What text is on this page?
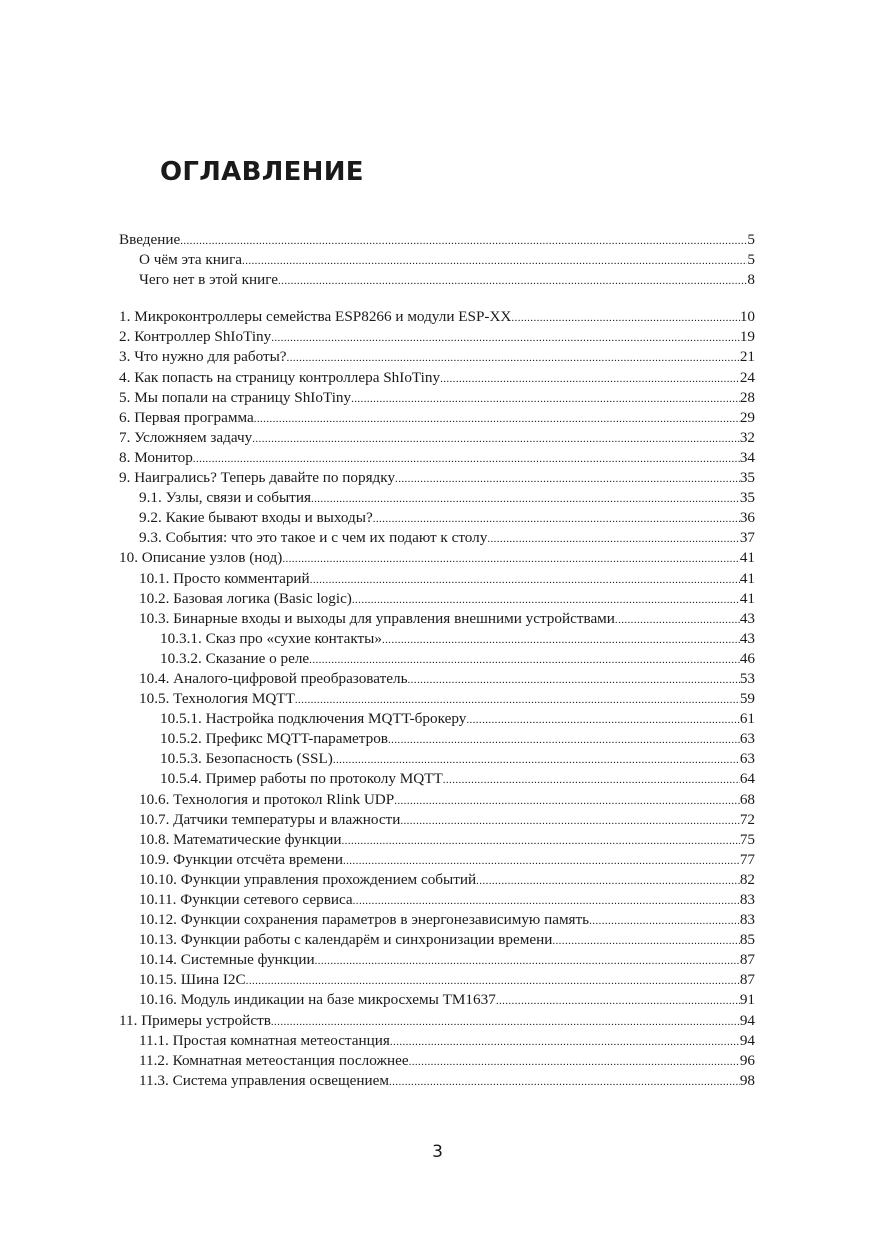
ОГЛАВЛЕНИЕ
Введение .....	5
О чём эта книга .....	5
Чего нет в этой книге .....	8
1. Микроконтроллеры семейства ESP8266 и модули ESP-XX .....	10
2. Контроллер ShIoTiny .....	19
3. Что нужно для работы? .....	21
4. Как попасть на страницу контроллера ShIoTiny .....	24
5. Мы попали на страницу ShIoTiny .....	28
6. Первая программа .....	29
7. Усложняем задачу .....	32
8. Монитор .....	34
9. Наигрались? Теперь давайте по порядку .....	35
9.1. Узлы, связи и события .....	35
9.2. Какие бывают входы и выходы? .....	36
9.3. События: что это такое и с чем их подают к столу .....	37
10. Описание узлов (нод) .....	41
10.1. Просто комментарий .....	41
10.2. Базовая логика (Basic logic) .....	41
10.3. Бинарные входы и выходы для управления внешними устройствами .....	43
10.3.1. Сказ про «сухие контакты» .....	43
10.3.2. Сказание о реле .....	46
10.4. Аналого-цифровой преобразователь .....	53
10.5. Технология MQTT .....	59
10.5.1. Настройка подключения MQTT-брокеру .....	61
10.5.2. Префикс MQTT-параметров .....	63
10.5.3. Безопасность (SSL) .....	63
10.5.4. Пример работы по протоколу MQTT .....	64
10.6. Технология и протокол Rlink UDP .....	68
10.7. Датчики температуры и влажности .....	72
10.8. Математические функции .....	75
10.9. Функции отсчёта времени .....	77
10.10. Функции управления прохождением событий .....	82
10.11. Функции сетевого сервиса .....	83
10.12. Функции сохранения параметров в энергонезависимую память .....	83
10.13. Функции работы с календарём и синхронизации времени .....	85
10.14. Системные функции .....	87
10.15. Шина I2C .....	87
10.16. Модуль индикации на базе микросхемы TM1637 .....	91
11. Примеры устройств .....	94
11.1. Простая комнатная метеостанция .....	94
11.2. Комнатная метеостанция посложнее .....	96
11.3. Система управления освещением .....	98
3
